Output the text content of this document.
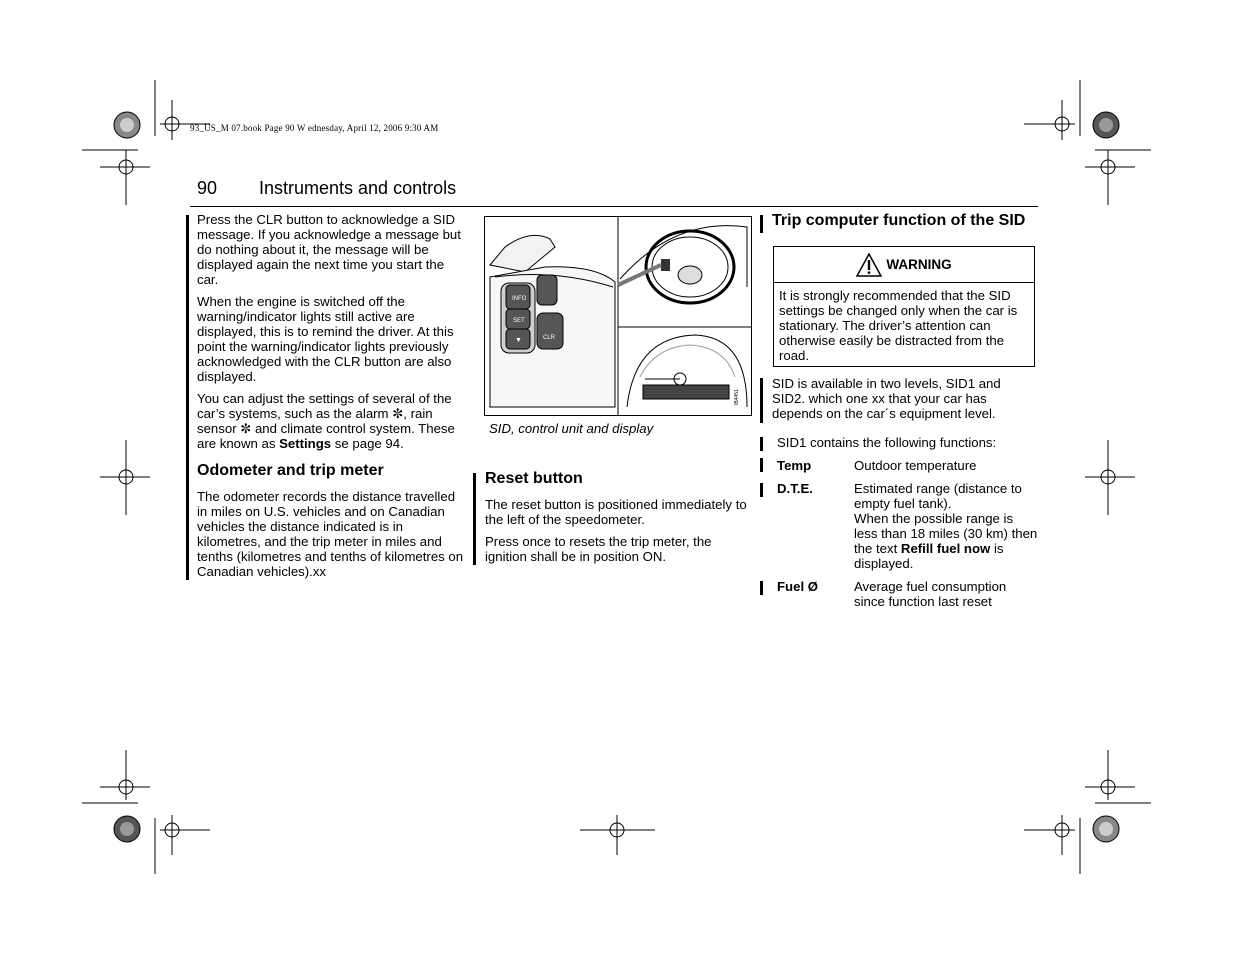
93_US_M 07.book Page 90 W ednesday, April 12, 2006 9:30 AM
90 Instruments and controls

Press the CLR button to acknowledge a SID message. If you acknowledge a message but do nothing about it, the message will be displayed again the next time you start the car.

When the engine is switched off the warning/indicator lights still active are displayed, this is to remind the driver. At this point the warning/indicator lights previously acknowledged with the CLR button are also displayed.

You can adjust the settings of several of the car’s systems, such as the alarm ✼, rain sensor ✼ and climate control system. These are known as Settings se page 94.

Odometer and trip meter

The odometer records the distance travelled in miles on U.S. vehicles and on Canadian vehicles the distance indicated is in kilometres, and the trip meter in miles and tenths (kilometres and tenths of kilometres on Canadian vehicles).xx

INFO
SET
▼	CLR
IB4451
SID, control unit and display
Reset button

The reset button is positioned immediately to the left of the speedometer.

Press once to resets the trip meter, the ignition shall be in position ON.

Trip computer function of the SID
WARNING
It is strongly recommended that the SID settings be changed only when the car is stationary. The driver’s attention can otherwise easily be distracted from the road.
SID is available in two levels, SID1 and SID2. which one xx that your car has depends on the car´s equipment level.
SID1 contains the following functions:
Temp	Outdoor temperature
D.T.E.	Estimated range (distance to empty fuel tank).
When the possible range is less than 18 miles (30 km) then the text Refill fuel now is displayed.
Fuel Ø	Average fuel consumption since function last reset
